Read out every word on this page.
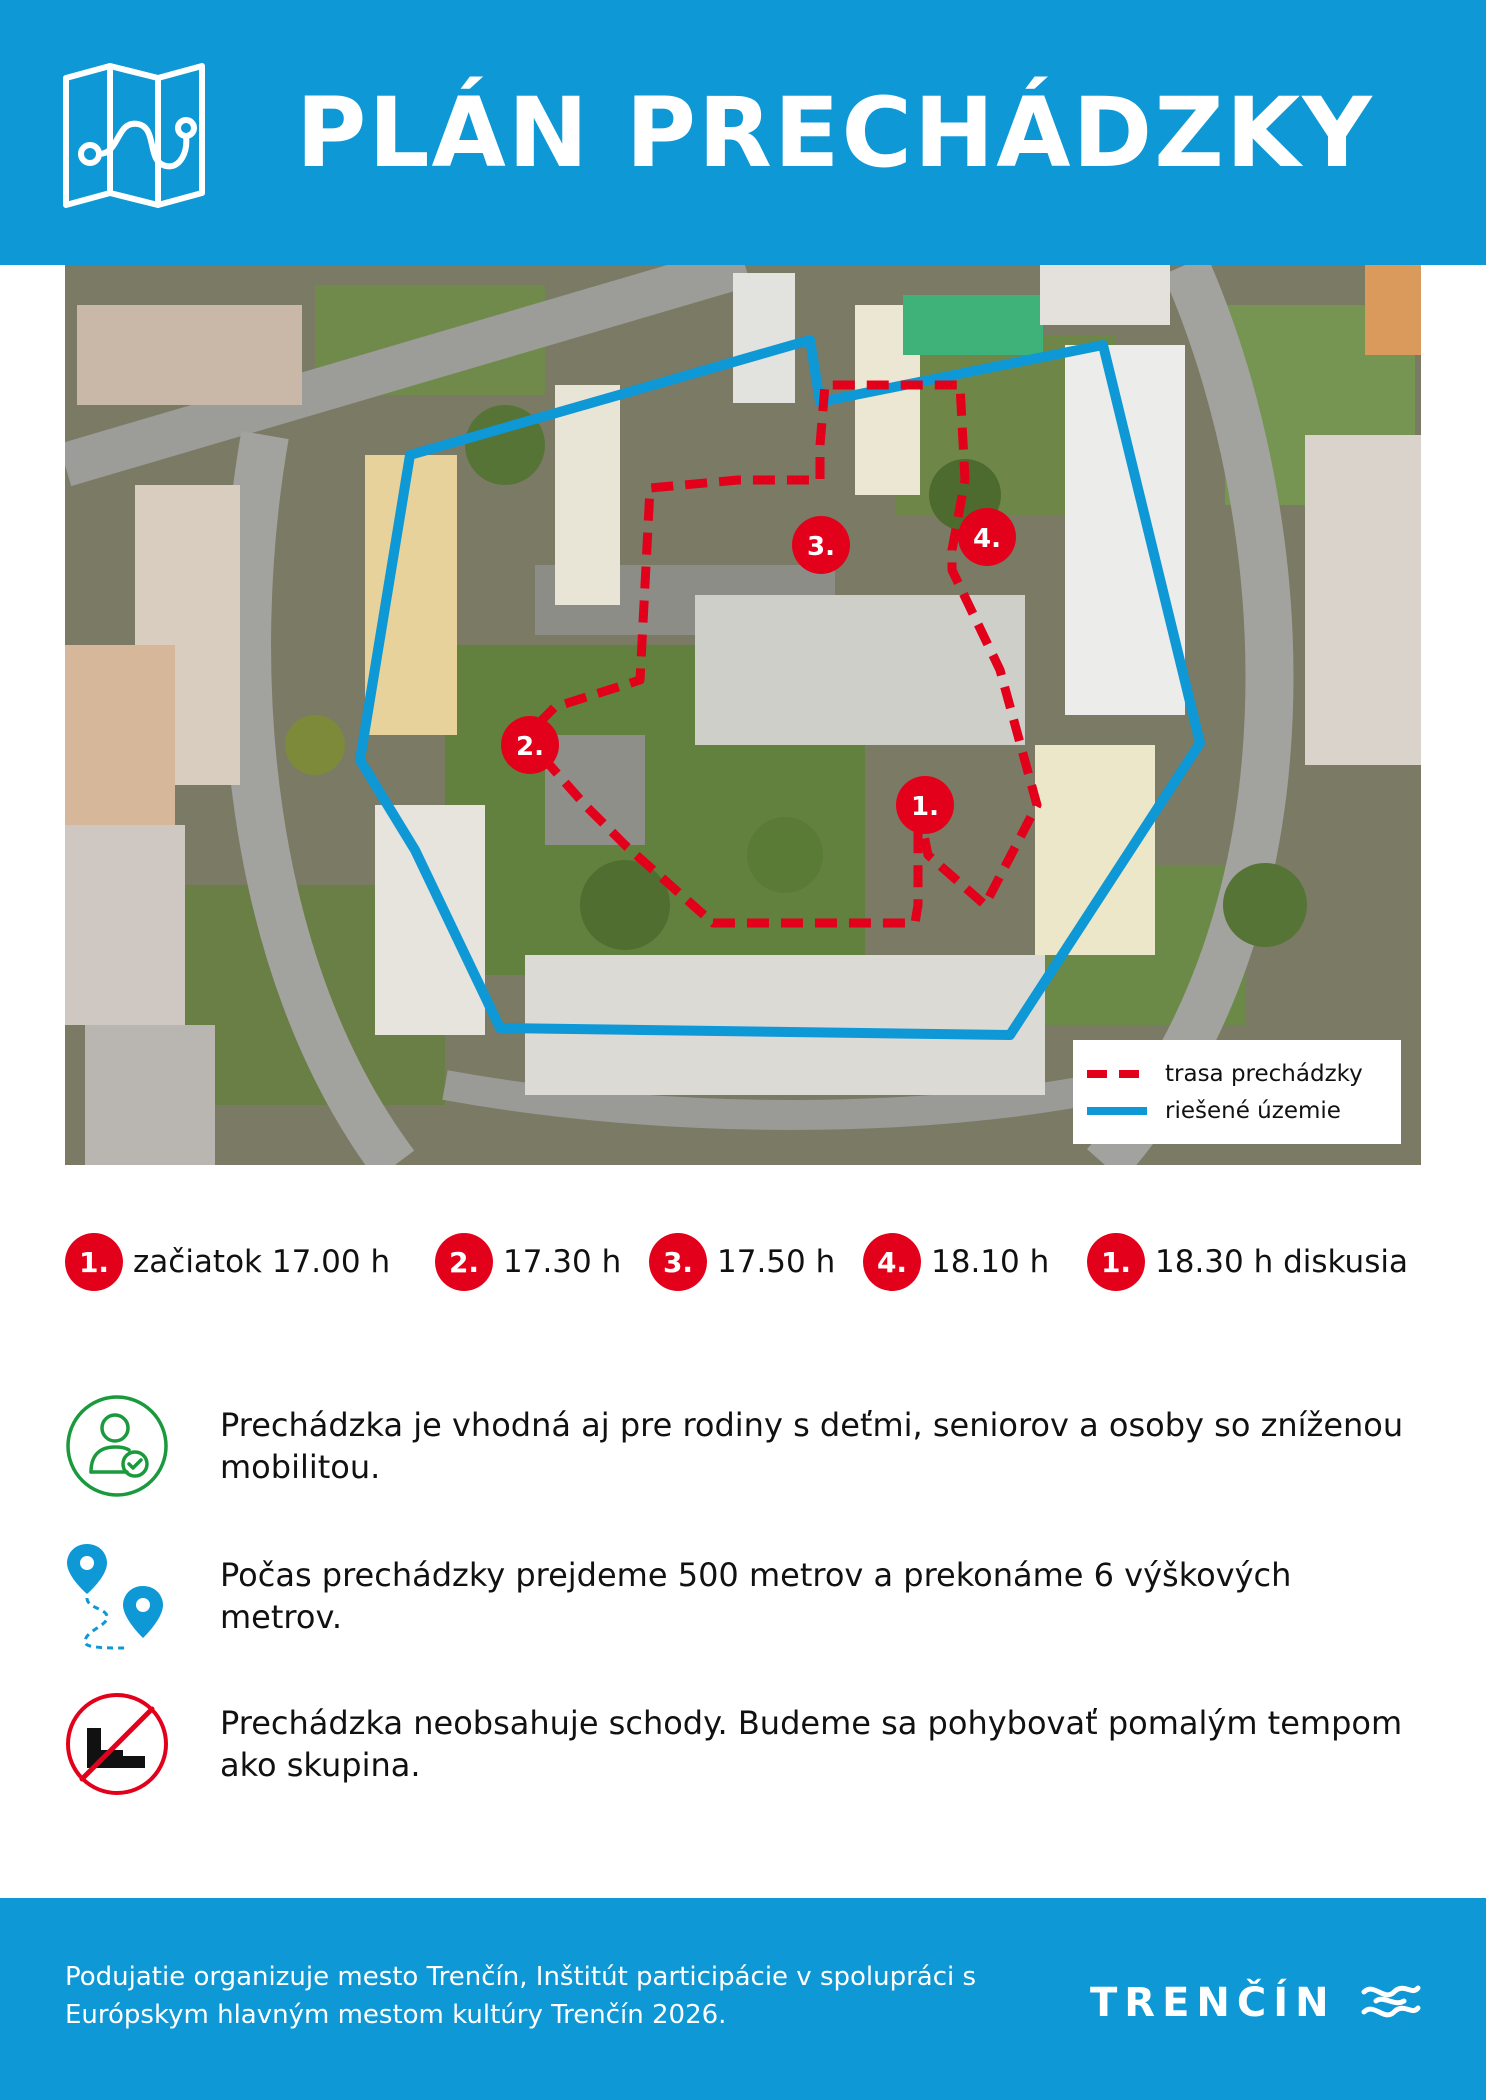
PLÁN PRECHÁDZKY
1.
2.
3.	4.
trasa prechádzky
riešené územie
1. začiatok 17.00 h	2. 17.30 h	3. 17.50 h	4. 18.10 h	1. 18.30 h diskusia
Prechádzka je vhodná aj pre rodiny s deťmi, seniorov a osoby so zníženou mobilitou.
Počas prechádzky prejdeme 500 metrov a prekonáme 6 výškových metrov.
Prechádzka neobsahuje schody. Budeme sa pohybovať pomalým tempom ako skupina.
Podujatie organizuje mesto Trenčín, Inštitút participácie v spolupráci s Európskym hlavným mestom kultúry Trenčín 2026.	TRENČÍN
